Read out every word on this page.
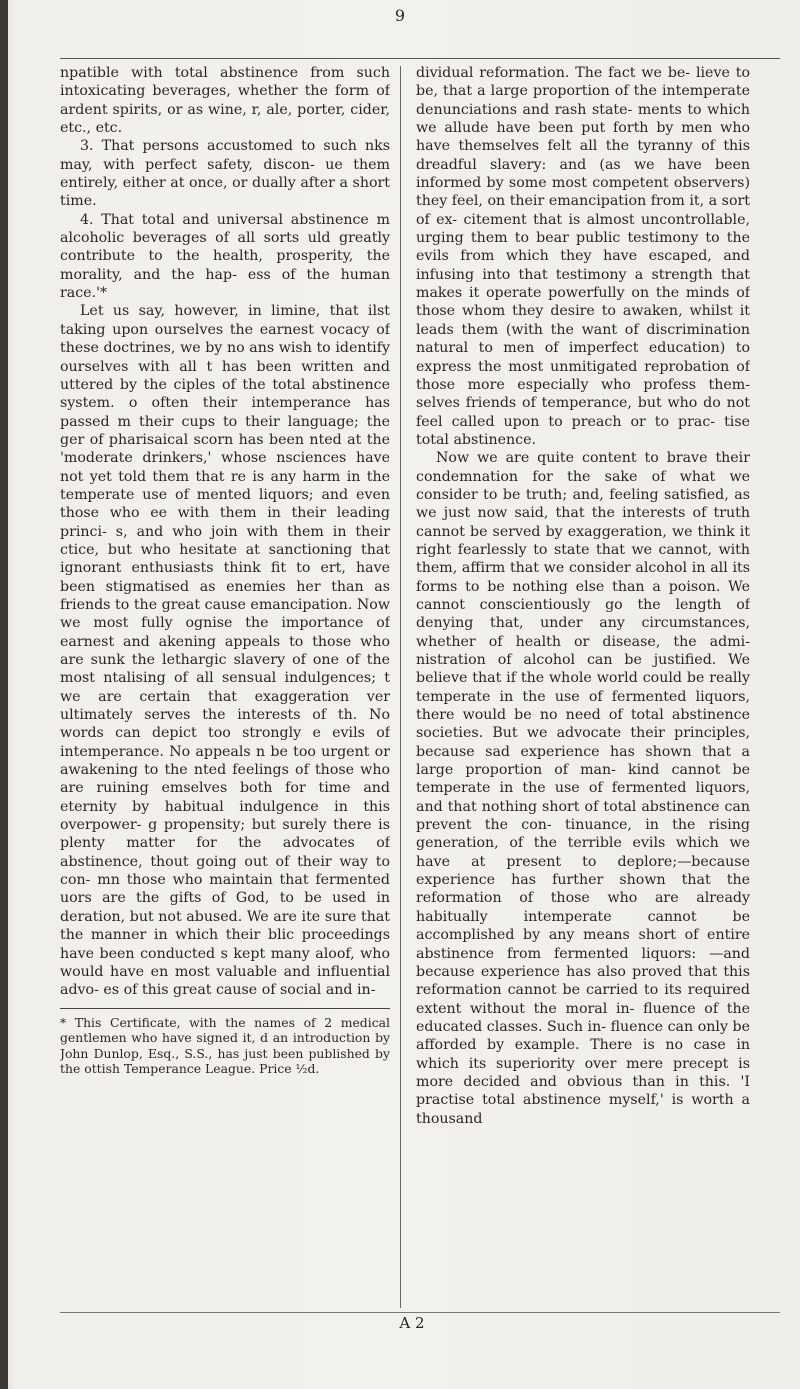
9

npatible with total abstinence from such intoxicating beverages, whether the form of ardent spirits, or as wine, r, ale, porter, cider, etc., etc.

3. That persons accustomed to such nks may, with perfect safety, discon- ue them entirely, either at once, or dually after a short time.

4. That total and universal abstinence m alcoholic beverages of all sorts uld greatly contribute to the health, prosperity, the morality, and the hap- ess of the human race.'*

Let us say, however, in limine, that ilst taking upon ourselves the earnest vocacy of these doctrines, we by no ans wish to identify ourselves with all t has been written and uttered by the ciples of the total abstinence system. o often their intemperance has passed m their cups to their language; the ger of pharisaical scorn has been nted at the 'moderate drinkers,' whose nsciences have not yet told them that re is any harm in the temperate use of mented liquors; and even those who ee with them in their leading princi- s, and who join with them in their ctice, but who hesitate at sanctioning that ignorant enthusiasts think fit to ert, have been stigmatised as enemies her than as friends to the great cause emancipation. Now we most fully ognise the importance of earnest and akening appeals to those who are sunk the lethargic slavery of one of the most ntalising of all sensual indulgences; t we are certain that exaggeration ver ultimately serves the interests of th. No words can depict too strongly e evils of intemperance. No appeals n be too urgent or awakening to the nted feelings of those who are ruining emselves both for time and eternity by habitual indulgence in this overpower- g propensity; but surely there is plenty matter for the advocates of abstinence, thout going out of their way to con- mn those who maintain that fermented uors are the gifts of God, to be used in deration, but not abused. We are ite sure that the manner in which their blic proceedings have been conducted s kept many aloof, who would have en most valuable and influential advo- es of this great cause of social and in-

* This Certificate, with the names of 2 medical gentlemen who have signed it, d an introduction by John Dunlop, Esq., S.S., has just been published by the ottish Temperance League. Price ½d.

dividual reformation. The fact we be- lieve to be, that a large proportion of the intemperate denunciations and rash state- ments to which we allude have been put forth by men who have themselves felt all the tyranny of this dreadful slavery: and (as we have been informed by some most competent observers) they feel, on their emancipation from it, a sort of ex- citement that is almost uncontrollable, urging them to bear public testimony to the evils from which they have escaped, and infusing into that testimony a strength that makes it operate powerfully on the minds of those whom they desire to awaken, whilst it leads them (with the want of discrimination natural to men of imperfect education) to express the most unmitigated reprobation of those more especially who profess them- selves friends of temperance, but who do not feel called upon to preach or to prac- tise total abstinence.

Now we are quite content to brave their condemnation for the sake of what we consider to be truth; and, feeling satisfied, as we just now said, that the interests of truth cannot be served by exaggeration, we think it right fearlessly to state that we cannot, with them, affirm that we consider alcohol in all its forms to be nothing else than a poison. We cannot conscientiously go the length of denying that, under any circumstances, whether of health or disease, the admi- nistration of alcohol can be justified. We believe that if the whole world could be really temperate in the use of fermented liquors, there would be no need of total abstinence societies. But we advocate their principles, because sad experience has shown that a large proportion of man- kind cannot be temperate in the use of fermented liquors, and that nothing short of total abstinence can prevent the con- tinuance, in the rising generation, of the terrible evils which we have at present to deplore;—because experience has further shown that the reformation of those who are already habitually intemperate cannot be accomplished by any means short of entire abstinence from fermented liquors: —and because experience has also proved that this reformation cannot be carried to its required extent without the moral in- fluence of the educated classes. Such in- fluence can only be afforded by example. There is no case in which its superiority over mere precept is more decided and obvious than in this. 'I practise total abstinence myself,' is worth a thousand

A 2
